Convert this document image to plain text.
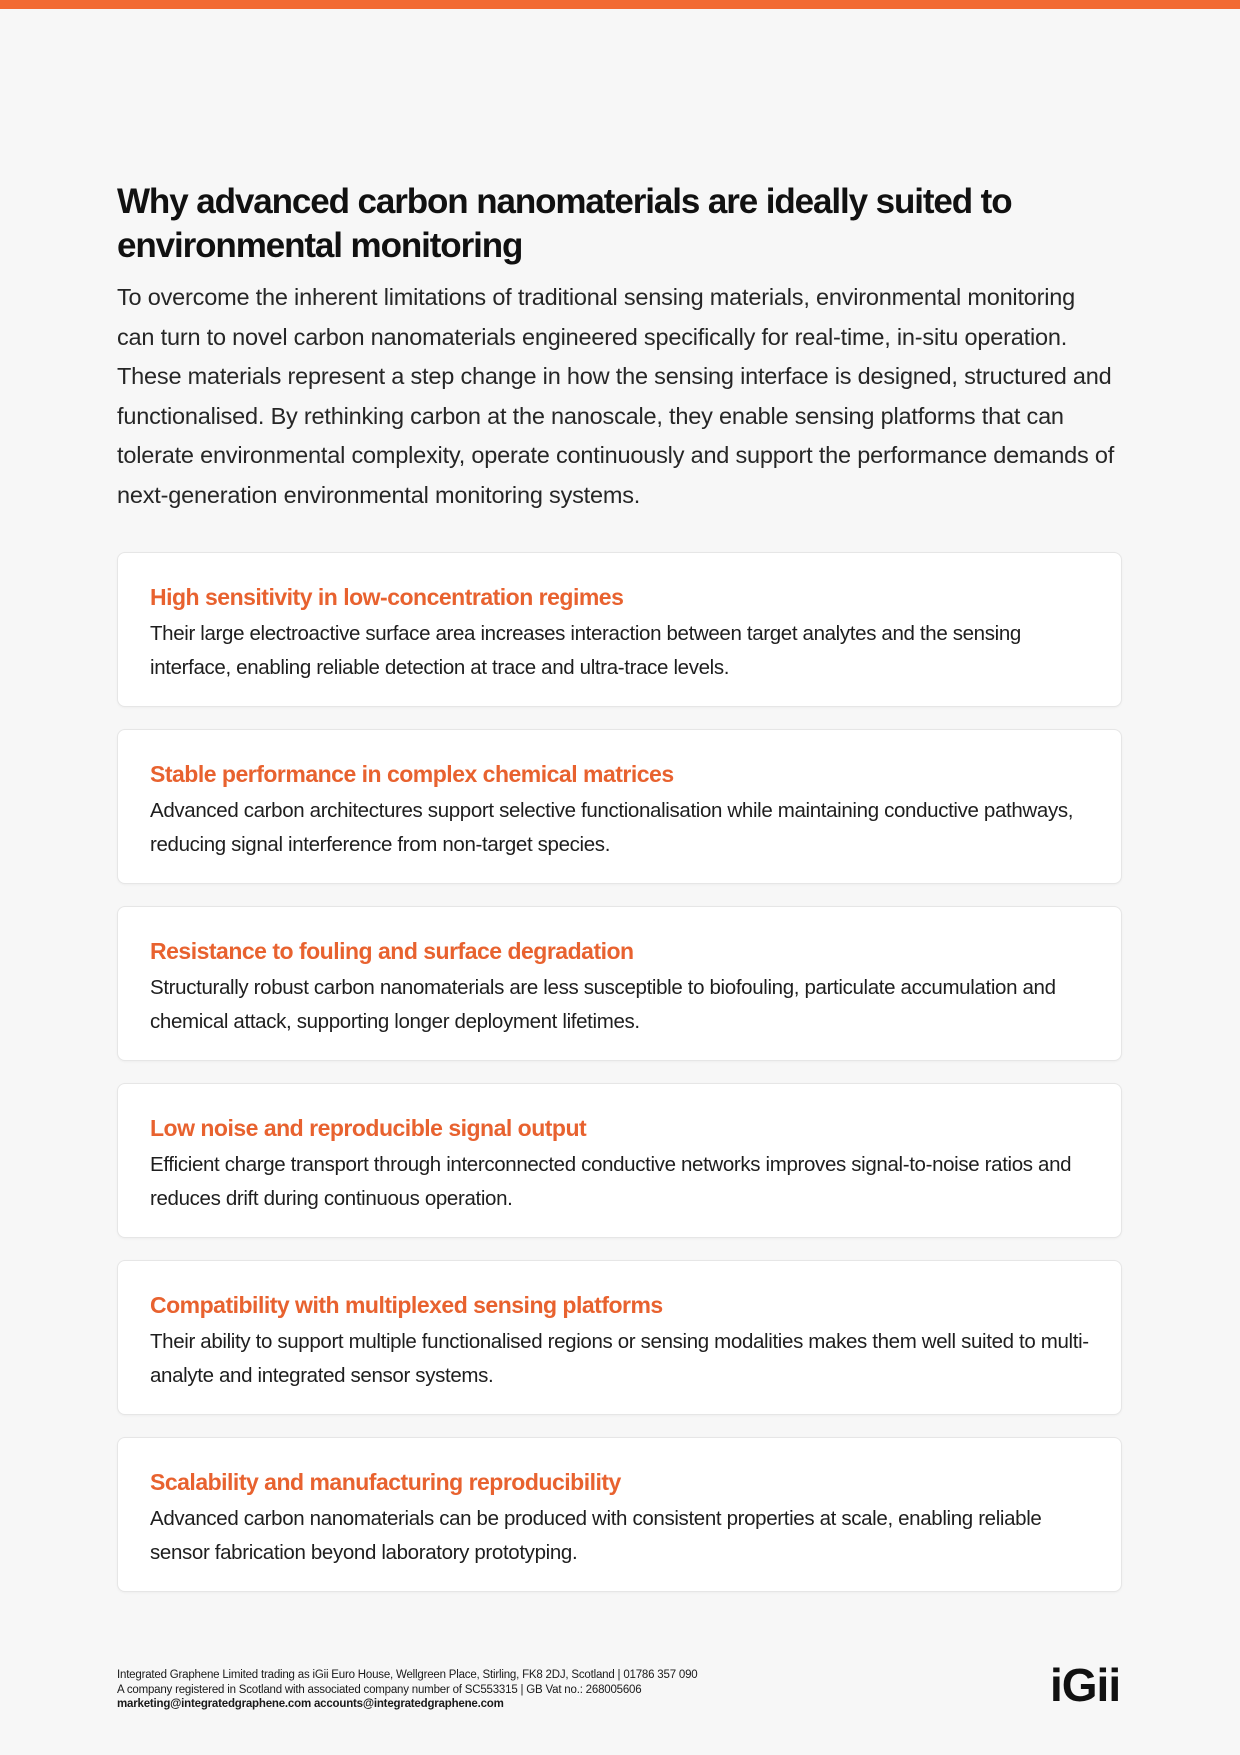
Why advanced carbon nanomaterials are ideally suited to environmental monitoring

To overcome the inherent limitations of traditional sensing materials, environmental monitoring can turn to novel carbon nanomaterials engineered specifically for real-time, in-situ operation. These materials represent a step change in how the sensing interface is designed, structured and functionalised. By rethinking carbon at the nanoscale, they enable sensing platforms that can tolerate environmental complexity, operate continuously and support the performance demands of next-generation environmental monitoring systems.

High sensitivity in low-concentration regimes

Their large electroactive surface area increases interaction between target analytes and the sensing interface, enabling reliable detection at trace and ultra-trace levels.

Stable performance in complex chemical matrices

Advanced carbon architectures support selective functionalisation while maintaining conductive pathways, reducing signal interference from non-target species.

Resistance to fouling and surface degradation

Structurally robust carbon nanomaterials are less susceptible to biofouling, particulate accumulation and chemical attack, supporting longer deployment lifetimes.

Low noise and reproducible signal output

Efficient charge transport through interconnected conductive networks improves signal-to-noise ratios and reduces drift during continuous operation.

Compatibility with multiplexed sensing platforms

Their ability to support multiple functionalised regions or sensing modalities makes them well suited to multi-analyte and integrated sensor systems.

Scalability and manufacturing reproducibility

Advanced carbon nanomaterials can be produced with consistent properties at scale, enabling reliable sensor fabrication beyond laboratory prototyping.

Integrated Graphene Limited trading as iGii Euro House, Wellgreen Place, Stirling, FK8 2DJ, Scotland | 01786 357 090
A company registered in Scotland with associated company number of SC553315 | GB Vat no.: 268005606
marketing@integratedgraphene.com accounts@integratedgraphene.com	iGii
